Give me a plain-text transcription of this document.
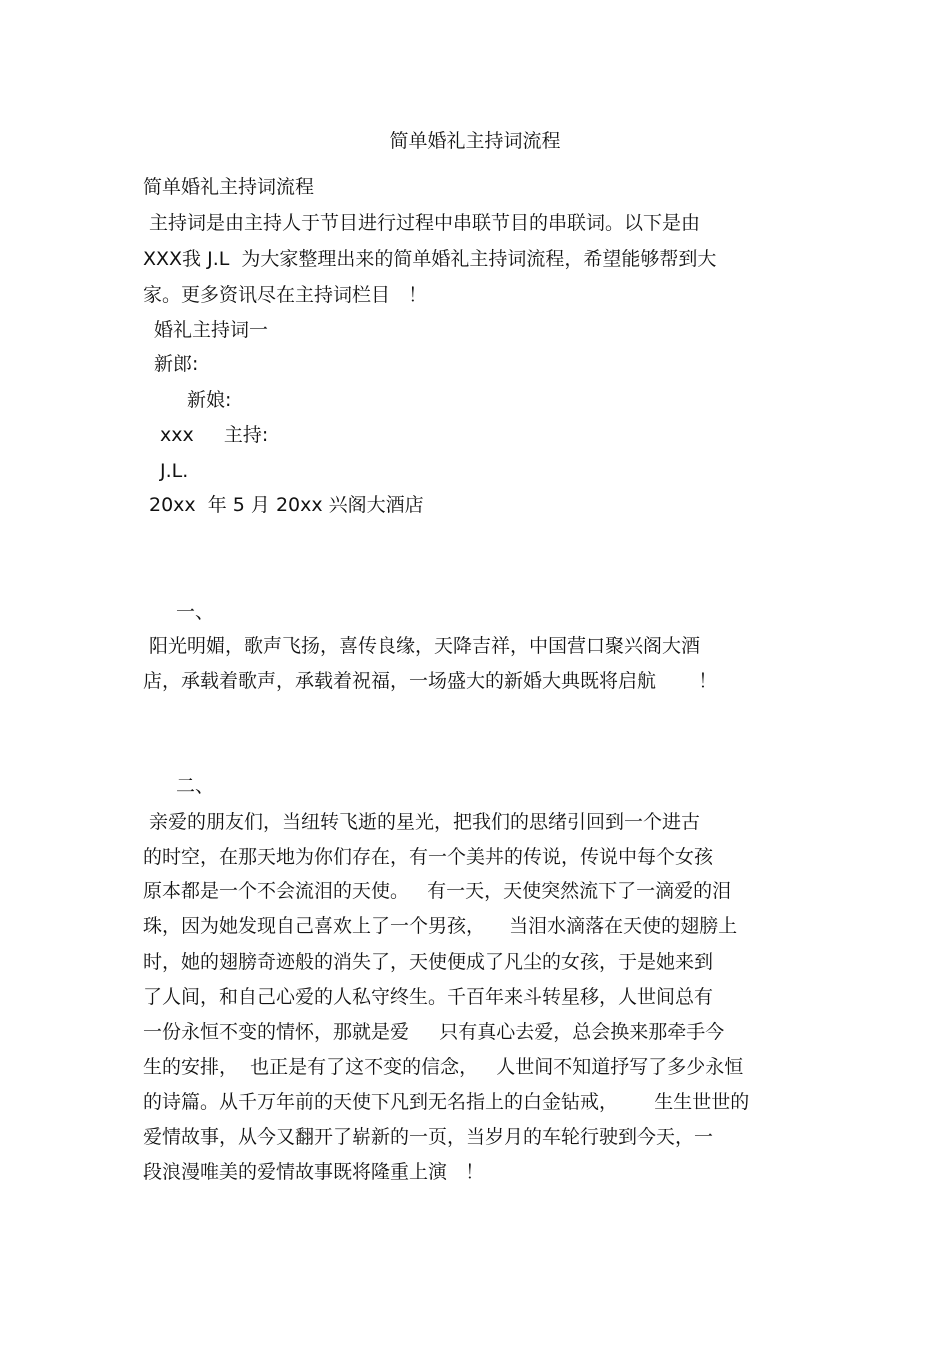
简单婚礼主持词流程

简单婚礼主持词流程

主持词是由主持人于节目进行过程中串联节目的串联词。以下是由

XXX我 J.L  为大家整理出来的简单婚礼主持词流程，希望能够帮到大

家。更多资讯尽在主持词栏目   ！

婚礼主持词一

新郎:

新娘:

xxx     主持:

J.L.

20xx  年 5 月 20xx 兴阁大酒店

一、

阳光明媚，歌声飞扬，喜传良缘，天降吉祥，中国营口聚兴阁大酒

店，承载着歌声，承载着祝福，一场盛大的新婚大典既将启航       ！

二、

亲爱的朋友们，当纽转飞逝的星光，把我们的思绪引回到一个进古

的时空，在那天地为你们存在，有一个美丼的传说，传说中每个女孩

原本都是一个不会流泪的天使。   有一天，天使突然流下了一滴爱的泪

珠，因为她发现自己喜欢上了一个男孩，    当泪水滴落在天使的翅膀上

时，她的翅膀奇迹般的消失了，天使便成了凡尘的女孩，于是她来到

了人间，和自己心爱的人私守终生。千百年来斗转星移，人世间总有

一份永恒不变的情怀，那就是爱     只有真心去爱，总会换来那牵手今

生的安排，  也正是有了这不变的信念，   人世间不知道抒写了多少永恒

的诗篇。从千万年前的天使下凡到无名指上的白金钻戒，      生生世世的

爱情故事，从今又翻开了崭新的一页，当岁月的车轮行驶到今天，一

段浪漫唯美的爱情故事既将隆重上演   ！
